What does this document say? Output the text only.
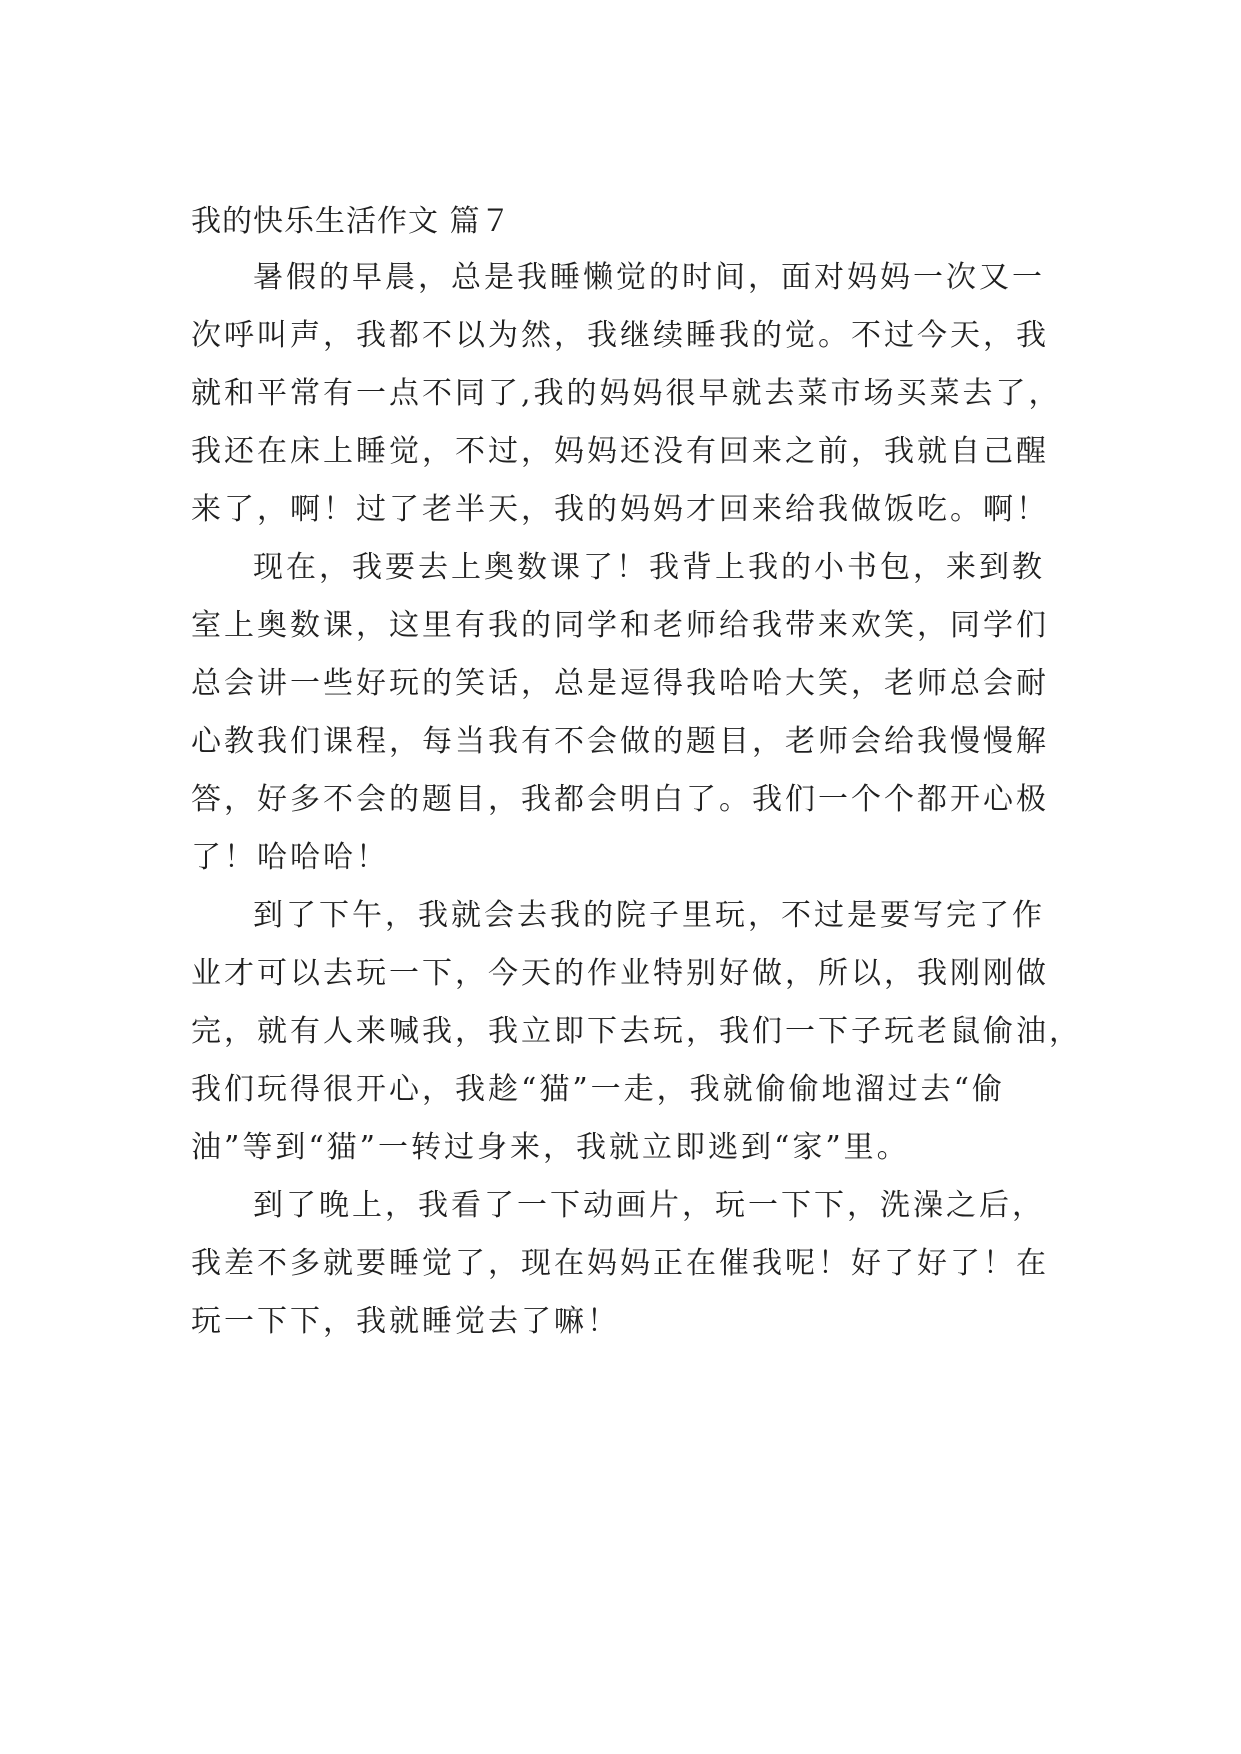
我的快乐生活作文 篇７
暑假的早晨，总是我睡懒觉的时间，面对妈妈一次又一
次呼叫声，我都不以为然，我继续睡我的觉。不过今天，我
就和平常有一点不同了,我的妈妈很早就去菜市场买菜去了，
我还在床上睡觉，不过，妈妈还没有回来之前，我就自己醒
来了，啊！过了老半天，我的妈妈才回来给我做饭吃。啊！
现在，我要去上奥数课了！我背上我的小书包，来到教
室上奥数课，这里有我的同学和老师给我带来欢笑，同学们
总会讲一些好玩的笑话，总是逗得我哈哈大笑，老师总会耐
心教我们课程，每当我有不会做的题目，老师会给我慢慢解
答，好多不会的题目，我都会明白了。我们一个个都开心极
了！哈哈哈！
到了下午，我就会去我的院子里玩，不过是要写完了作
业才可以去玩一下，今天的作业特别好做，所以，我刚刚做
完，就有人来喊我，我立即下去玩，我们一下子玩老鼠偷油，
我们玩得很开心，我趁“猫”一走，我就偷偷地溜过去“偷
油”等到“猫”一转过身来，我就立即逃到“家”里。
到了晚上，我看了一下动画片，玩一下下，洗澡之后，
我差不多就要睡觉了，现在妈妈正在催我呢！好了好了！在
玩一下下，我就睡觉去了嘛！
